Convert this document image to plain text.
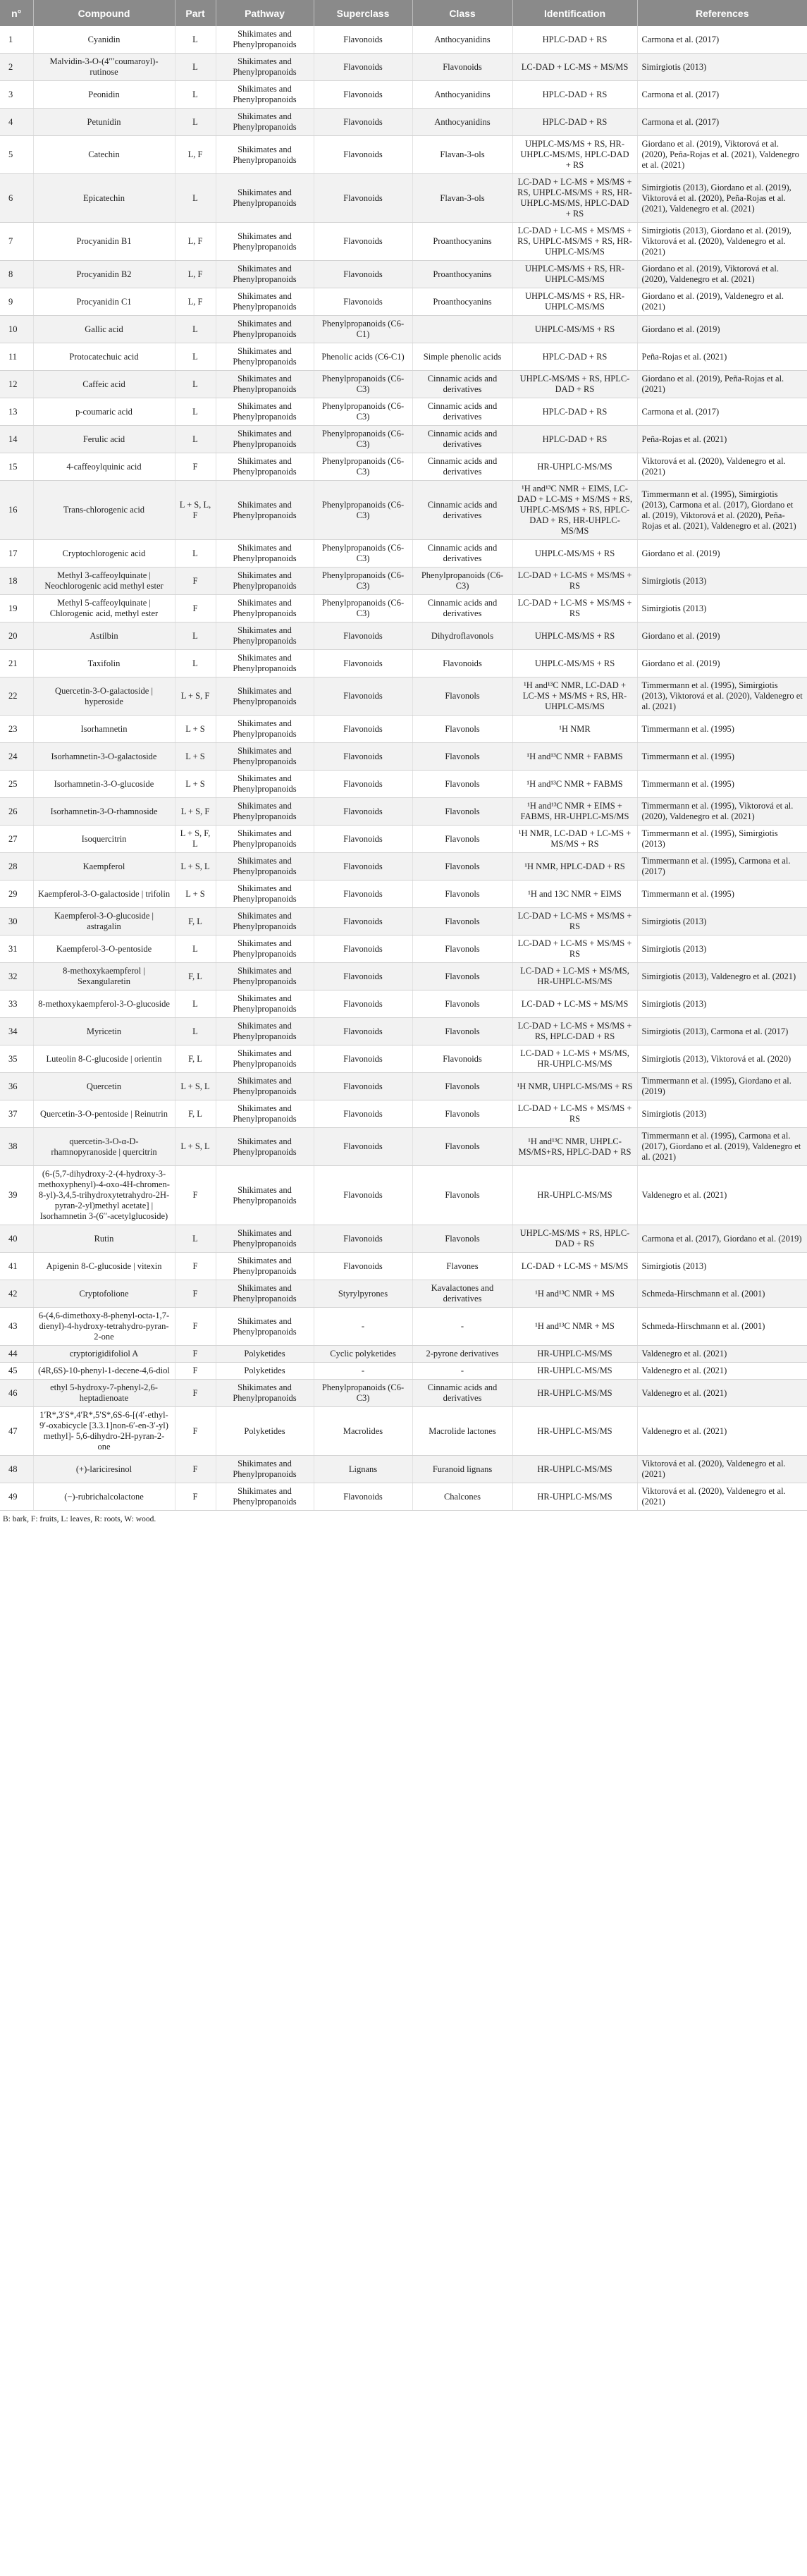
n°	Compound	Part	Pathway	Superclass	Class	Identification	References
1	Cyanidin	L	Shikimates and Phenylpropanoids	Flavonoids	Anthocyanidins	HPLC-DAD + RS	Carmona et al. (2017)
2	Malvidin-3-O-(4′′′coumaroyl)-rutinose	L	Shikimates and Phenylpropanoids	Flavonoids	Flavonoids	LC-DAD + LC-MS + MS/MS	Simirgiotis (2013)
3	Peonidin	L	Shikimates and Phenylpropanoids	Flavonoids	Anthocyanidins	HPLC-DAD + RS	Carmona et al. (2017)
4	Petunidin	L	Shikimates and Phenylpropanoids	Flavonoids	Anthocyanidins	HPLC-DAD + RS	Carmona et al. (2017)
5	Catechin	L, F	Shikimates and Phenylpropanoids	Flavonoids	Flavan-3-ols	UHPLC-MS/MS + RS, HR-UHPLC-MS/MS, HPLC-DAD + RS	Giordano et al. (2019), Viktorová et al. (2020), Peña-Rojas et al. (2021), Valdenegro et al. (2021)
6	Epicatechin	L	Shikimates and Phenylpropanoids	Flavonoids	Flavan-3-ols	LC-DAD + LC-MS + MS/MS + RS, UHPLC-MS/MS + RS, HR-UHPLC-MS/MS, HPLC-DAD + RS	Simirgiotis (2013), Giordano et al. (2019), Viktorová et al. (2020), Peña-Rojas et al. (2021), Valdenegro et al. (2021)
7	Procyanidin B1	L, F	Shikimates and Phenylpropanoids	Flavonoids	Proanthocyanins	LC-DAD + LC-MS + MS/MS + RS, UHPLC-MS/MS + RS, HR-UHPLC-MS/MS	Simirgiotis (2013), Giordano et al. (2019), Viktorová et al. (2020), Valdenegro et al. (2021)
8	Procyanidin B2	L, F	Shikimates and Phenylpropanoids	Flavonoids	Proanthocyanins	UHPLC-MS/MS + RS, HR-UHPLC-MS/MS	Giordano et al. (2019), Viktorová et al. (2020), Valdenegro et al. (2021)
9	Procyanidin C1	L, F	Shikimates and Phenylpropanoids	Flavonoids	Proanthocyanins	UHPLC-MS/MS + RS, HR-UHPLC-MS/MS	Giordano et al. (2019), Valdenegro et al. (2021)
10	Gallic acid	L	Shikimates and Phenylpropanoids	Phenylpropanoids (C6-C1)		UHPLC-MS/MS + RS	Giordano et al. (2019)
11	Protocatechuic acid	L	Shikimates and Phenylpropanoids	Phenolic acids (C6-C1)	Simple phenolic acids	HPLC-DAD + RS	Peña-Rojas et al. (2021)
12	Caffeic acid	L	Shikimates and Phenylpropanoids	Phenylpropanoids (C6-C3)	Cinnamic acids and derivatives	UHPLC-MS/MS + RS, HPLC-DAD + RS	Giordano et al. (2019), Peña-Rojas et al. (2021)
13	p-coumaric acid	L	Shikimates and Phenylpropanoids	Phenylpropanoids (C6-C3)	Cinnamic acids and derivatives	HPLC-DAD + RS	Carmona et al. (2017)
14	Ferulic acid	L	Shikimates and Phenylpropanoids	Phenylpropanoids (C6-C3)	Cinnamic acids and derivatives	HPLC-DAD + RS	Peña-Rojas et al. (2021)
15	4-caffeoylquinic acid	F	Shikimates and Phenylpropanoids	Phenylpropanoids (C6-C3)	Cinnamic acids and derivatives	HR-UHPLC-MS/MS	Viktorová et al. (2020), Valdenegro et al. (2021)
16	Trans-chlorogenic acid	L + S, L, F	Shikimates and Phenylpropanoids	Phenylpropanoids (C6-C3)	Cinnamic acids and derivatives	¹H and¹³C NMR + EIMS, LC-DAD + LC-MS + MS/MS + RS, UHPLC-MS/MS + RS, HPLC-DAD + RS, HR-UHPLC-MS/MS	Timmermann et al. (1995), Simirgiotis (2013), Carmona et al. (2017), Giordano et al. (2019), Viktorová et al. (2020), Peña-Rojas et al. (2021), Valdenegro et al. (2021)
17	Cryptochlorogenic acid	L	Shikimates and Phenylpropanoids	Phenylpropanoids (C6-C3)	Cinnamic acids and derivatives	UHPLC-MS/MS + RS	Giordano et al. (2019)
18	Methyl 3-caffeoylquinate | Neochlorogenic acid methyl ester	F	Shikimates and Phenylpropanoids	Phenylpropanoids (C6-C3)	Phenylpropanoids (C6-C3)	LC-DAD + LC-MS + MS/MS + RS	Simirgiotis (2013)
19	Methyl 5-caffeoylquinate | Chlorogenic acid, methyl ester	F	Shikimates and Phenylpropanoids	Phenylpropanoids (C6-C3)	Cinnamic acids and derivatives	LC-DAD + LC-MS + MS/MS + RS	Simirgiotis (2013)
20	Astilbin	L	Shikimates and Phenylpropanoids	Flavonoids	Dihydroflavonols	UHPLC-MS/MS + RS	Giordano et al. (2019)
21	Taxifolin	L	Shikimates and Phenylpropanoids	Flavonoids	Flavonoids	UHPLC-MS/MS + RS	Giordano et al. (2019)
22	Quercetin-3-O-galactoside | hyperoside	L + S, F	Shikimates and Phenylpropanoids	Flavonoids	Flavonols	¹H and¹³C NMR, LC-DAD + LC-MS + MS/MS + RS, HR-UHPLC-MS/MS	Timmermann et al. (1995), Simirgiotis (2013), Viktorová et al. (2020), Valdenegro et al. (2021)
23	Isorhamnetin	L + S	Shikimates and Phenylpropanoids	Flavonoids	Flavonols	¹H NMR	Timmermann et al. (1995)
24	Isorhamnetin-3-O-galactoside	L + S	Shikimates and Phenylpropanoids	Flavonoids	Flavonols	¹H and¹³C NMR + FABMS	Timmermann et al. (1995)
25	Isorhamnetin-3-O-glucoside	L + S	Shikimates and Phenylpropanoids	Flavonoids	Flavonols	¹H and¹³C NMR + FABMS	Timmermann et al. (1995)
26	Isorhamnetin-3-O-rhamnoside	L + S, F	Shikimates and Phenylpropanoids	Flavonoids	Flavonols	¹H and¹³C NMR + EIMS + FABMS, HR-UHPLC-MS/MS	Timmermann et al. (1995), Viktorová et al. (2020), Valdenegro et al. (2021)
27	Isoquercitrin	L + S, F, L	Shikimates and Phenylpropanoids	Flavonoids	Flavonols	¹H NMR, LC-DAD + LC-MS + MS/MS + RS	Timmermann et al. (1995), Simirgiotis (2013)
28	Kaempferol	L + S, L	Shikimates and Phenylpropanoids	Flavonoids	Flavonols	¹H NMR, HPLC-DAD + RS	Timmermann et al. (1995), Carmona et al. (2017)
29	Kaempferol-3-O-galactoside | trifolin	L + S	Shikimates and Phenylpropanoids	Flavonoids	Flavonols	¹H and 13C NMR + EIMS	Timmermann et al. (1995)
30	Kaempferol-3-O-glucoside | astragalin	F, L	Shikimates and Phenylpropanoids	Flavonoids	Flavonols	LC-DAD + LC-MS + MS/MS + RS	Simirgiotis (2013)
31	Kaempferol-3-O-pentoside	L	Shikimates and Phenylpropanoids	Flavonoids	Flavonols	LC-DAD + LC-MS + MS/MS + RS	Simirgiotis (2013)
32	8-methoxykaempferol | Sexangularetin	F, L	Shikimates and Phenylpropanoids	Flavonoids	Flavonols	LC-DAD + LC-MS + MS/MS, HR-UHPLC-MS/MS	Simirgiotis (2013), Valdenegro et al. (2021)
33	8-methoxykaempferol-3-O-glucoside	L	Shikimates and Phenylpropanoids	Flavonoids	Flavonols	LC-DAD + LC-MS + MS/MS	Simirgiotis (2013)
34	Myricetin	L	Shikimates and Phenylpropanoids	Flavonoids	Flavonols	LC-DAD + LC-MS + MS/MS + RS, HPLC-DAD + RS	Simirgiotis (2013), Carmona et al. (2017)
35	Luteolin 8-C-glucoside | orientin	F, L	Shikimates and Phenylpropanoids	Flavonoids	Flavonoids	LC-DAD + LC-MS + MS/MS, HR-UHPLC-MS/MS	Simirgiotis (2013), Viktorová et al. (2020)
36	Quercetin	L + S, L	Shikimates and Phenylpropanoids	Flavonoids	Flavonols	¹H NMR, UHPLC-MS/MS + RS	Timmermann et al. (1995), Giordano et al. (2019)
37	Quercetin-3-O-pentoside | Reinutrin	F, L	Shikimates and Phenylpropanoids	Flavonoids	Flavonols	LC-DAD + LC-MS + MS/MS + RS	Simirgiotis (2013)
38	quercetin-3-O-α-D-rhamnopyranoside | quercitrin	L + S, L	Shikimates and Phenylpropanoids	Flavonoids	Flavonols	¹H and¹³C NMR, UHPLC-MS/MS+RS, HPLC-DAD + RS	Timmermann et al. (1995), Carmona et al. (2017), Giordano et al. (2019), Valdenegro et al. (2021)
39	(6-(5,7-dihydroxy-2-(4-hydroxy-3-methoxyphenyl)-4-oxo-4H-chromen-8-yl)-3,4,5-trihydroxytetrahydro-2H-pyran-2-yl)methyl acetate] | Isorhamnetin 3-(6′′-acetylglucoside)	F	Shikimates and Phenylpropanoids	Flavonoids	Flavonols	HR-UHPLC-MS/MS	Valdenegro et al. (2021)
40	Rutin	L	Shikimates and Phenylpropanoids	Flavonoids	Flavonols	UHPLC-MS/MS + RS, HPLC-DAD + RS	Carmona et al. (2017), Giordano et al. (2019)
41	Apigenin 8-C-glucoside | vitexin	F	Shikimates and Phenylpropanoids	Flavonoids	Flavones	LC-DAD + LC-MS + MS/MS	Simirgiotis (2013)
42	Cryptofolione	F	Shikimates and Phenylpropanoids	Styrylpyrones	Kavalactones and derivatives	¹H and¹³C NMR + MS	Schmeda-Hirschmann et al. (2001)
43	6-(4,6-dimethoxy-8-phenyl-octa-1,7-dienyl)-4-hydroxy-tetrahydro-pyran-2-one	F	Shikimates and Phenylpropanoids	-	-	¹H and¹³C NMR + MS	Schmeda-Hirschmann et al. (2001)
44	cryptorigidifoliol A	F	Polyketides	Cyclic polyketides	2-pyrone derivatives	HR-UHPLC-MS/MS	Valdenegro et al. (2021)
45	(4R,6S)-10-phenyl-1-decene-4,6-diol	F	Polyketides	-	-	HR-UHPLC-MS/MS	Valdenegro et al. (2021)
46	ethyl 5-hydroxy-7-phenyl-2,6-heptadienoate	F	Shikimates and Phenylpropanoids	Phenylpropanoids (C6-C3)	Cinnamic acids and derivatives	HR-UHPLC-MS/MS	Valdenegro et al. (2021)
47	1′R*,3′S*,4′R*,5′S*,6S-6-[(4′-ethyl-9′-oxabicycle [3.3.1]non-6′-en-3′-yl) methyl]- 5,6-dihydro-2H-pyran-2-one	F	Polyketides	Macrolides	Macrolide lactones	HR-UHPLC-MS/MS	Valdenegro et al. (2021)
48	(+)-lariciresinol	F	Shikimates and Phenylpropanoids	Lignans	Furanoid lignans	HR-UHPLC-MS/MS	Viktorová et al. (2020), Valdenegro et al. (2021)
49	(−)-rubrichalcolactone	F	Shikimates and Phenylpropanoids	Flavonoids	Chalcones	HR-UHPLC-MS/MS	Viktorová et al. (2020), Valdenegro et al. (2021)
B: bark, F: fruits, L: leaves, R: roots, W: wood.
